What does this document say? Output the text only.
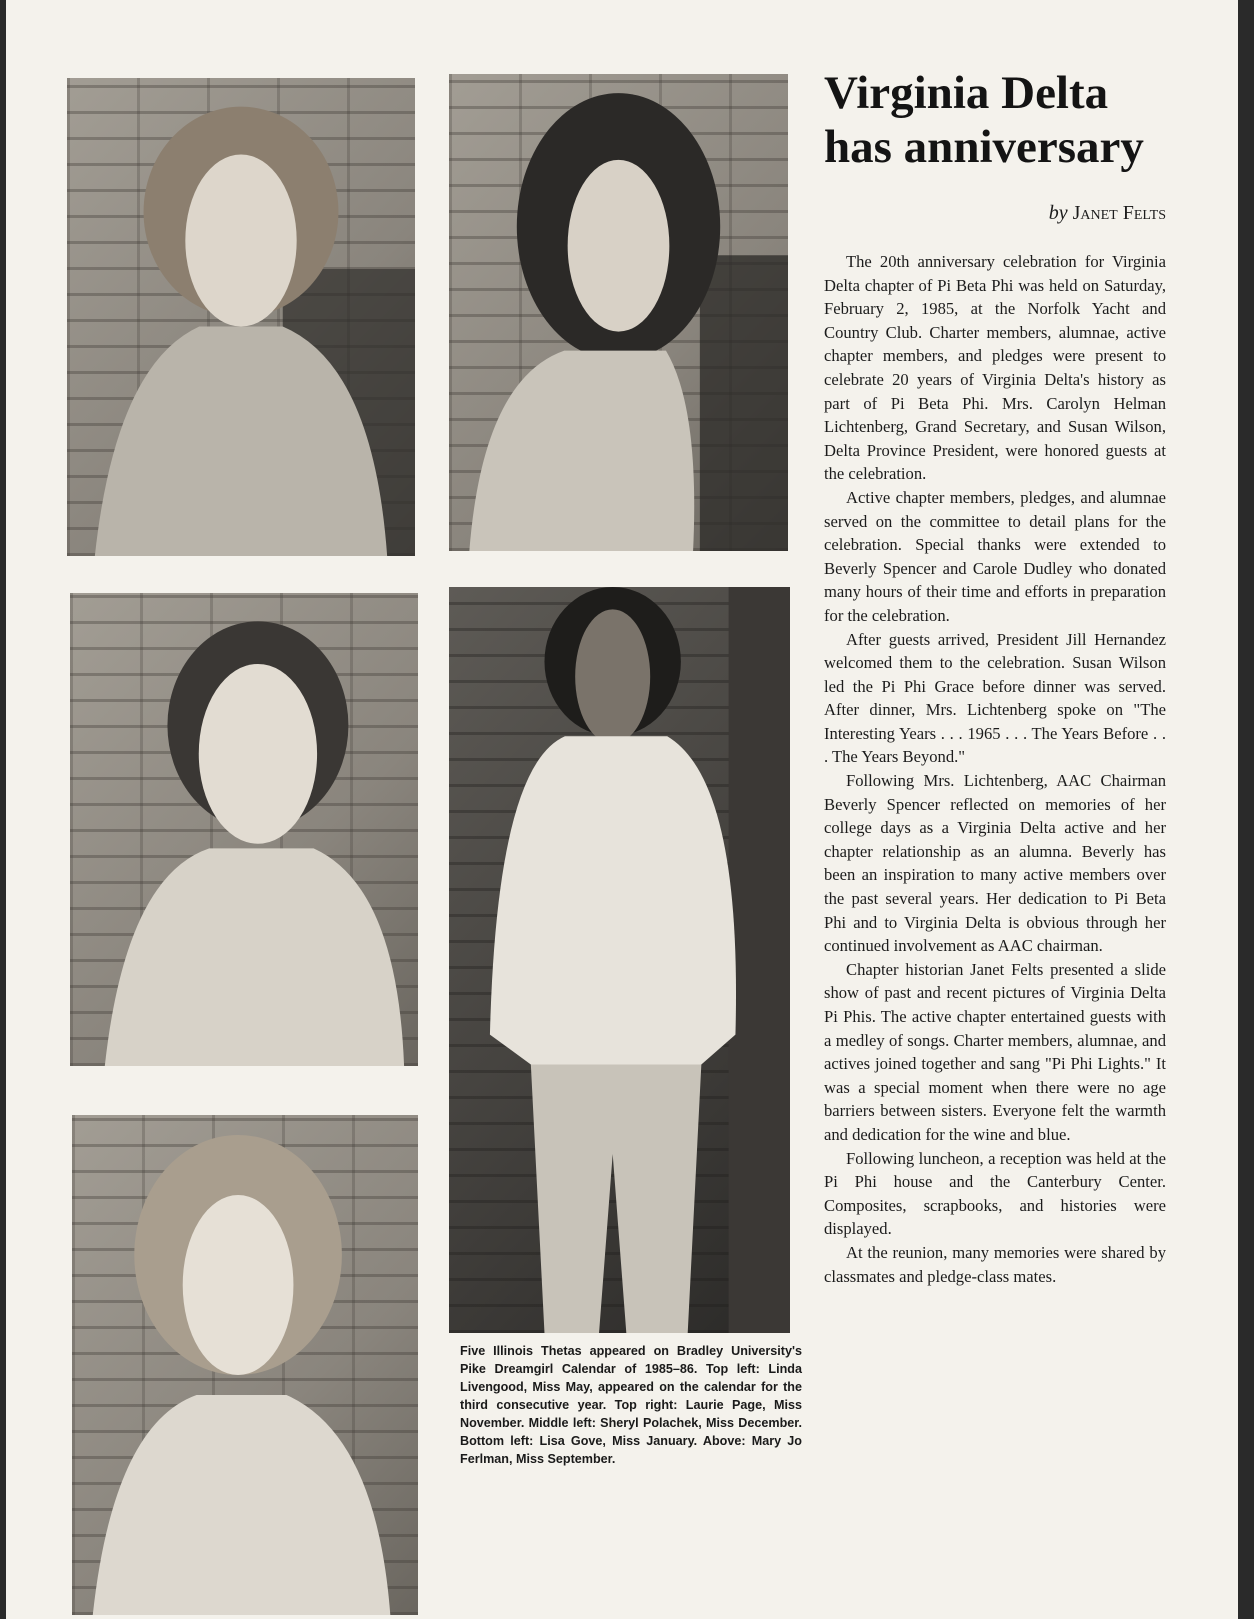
Five Illinois Thetas appeared on Bradley University's Pike Dreamgirl Calendar of 1985–86. Top left: Linda Livengood, Miss May, appeared on the calendar for the third consecutive year. Top right: Laurie Page, Miss November. Middle left: Sheryl Polachek, Miss December. Bottom left: Lisa Gove, Miss January. Above: Mary Jo Ferlman, Miss September.
Virginia Delta has anniversary
by Janet Felts

The 20th anniversary celebration for Virginia Delta chapter of Pi Beta Phi was held on Saturday, February 2, 1985, at the Norfolk Yacht and Country Club. Charter members, alumnae, active chapter members, and pledges were present to celebrate 20 years of Virginia Delta's history as part of Pi Beta Phi. Mrs. Carolyn Helman Lichtenberg, Grand Secretary, and Susan Wilson, Delta Province President, were honored guests at the celebration.

Active chapter members, pledges, and alumnae served on the committee to detail plans for the celebration. Special thanks were extended to Beverly Spencer and Carole Dudley who donated many hours of their time and efforts in preparation for the celebration.

After guests arrived, President Jill Hernandez welcomed them to the celebration. Susan Wilson led the Pi Phi Grace before dinner was served. After dinner, Mrs. Lichtenberg spoke on "The Interesting Years . . . 1965 . . . The Years Before . . . The Years Beyond."

Following Mrs. Lichtenberg, AAC Chairman Beverly Spencer reflected on memories of her college days as a Virginia Delta active and her chapter relationship as an alumna. Beverly has been an inspiration to many active members over the past several years. Her dedication to Pi Beta Phi and to Virginia Delta is obvious through her continued involvement as AAC chairman.

Chapter historian Janet Felts presented a slide show of past and recent pictures of Virginia Delta Pi Phis. The active chapter entertained guests with a medley of songs. Charter members, alumnae, and actives joined together and sang "Pi Phi Lights." It was a special moment when there were no age barriers between sisters. Everyone felt the warmth and dedication for the wine and blue.

Following luncheon, a reception was held at the Pi Phi house and the Canterbury Center. Composites, scrapbooks, and histories were displayed.

At the reunion, many memories were shared by classmates and pledge-class mates.
